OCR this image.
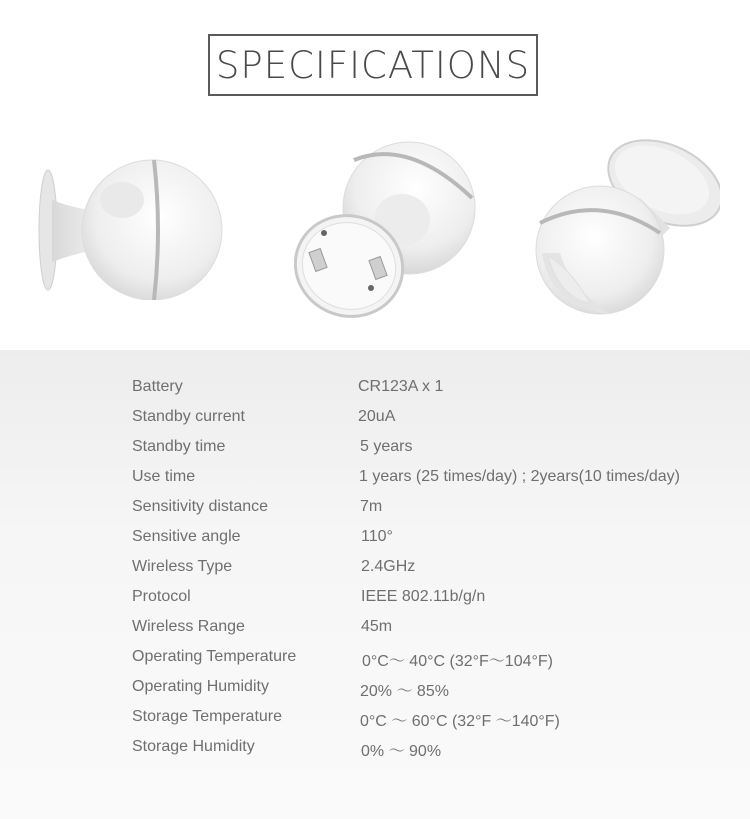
SPECIFICATIONS
Battery	CR123A x 1
Standby current	20uA
Standby time	5 years
Use time	1 years (25 times/day) ; 2years(10 times/day)
Sensitivity distance	7m
Sensitive angle	110°
Wireless Type	2.4GHz
Protocol	IEEE 802.11b/g/n
Wireless Range	45m
Operating Temperature	0°C～ 40°C (32°F～104°F)
Operating Humidity	20% ～ 85%
Storage Temperature	0°C ～ 60°C (32°F ～140°F)
Storage Humidity	0% ～ 90%
